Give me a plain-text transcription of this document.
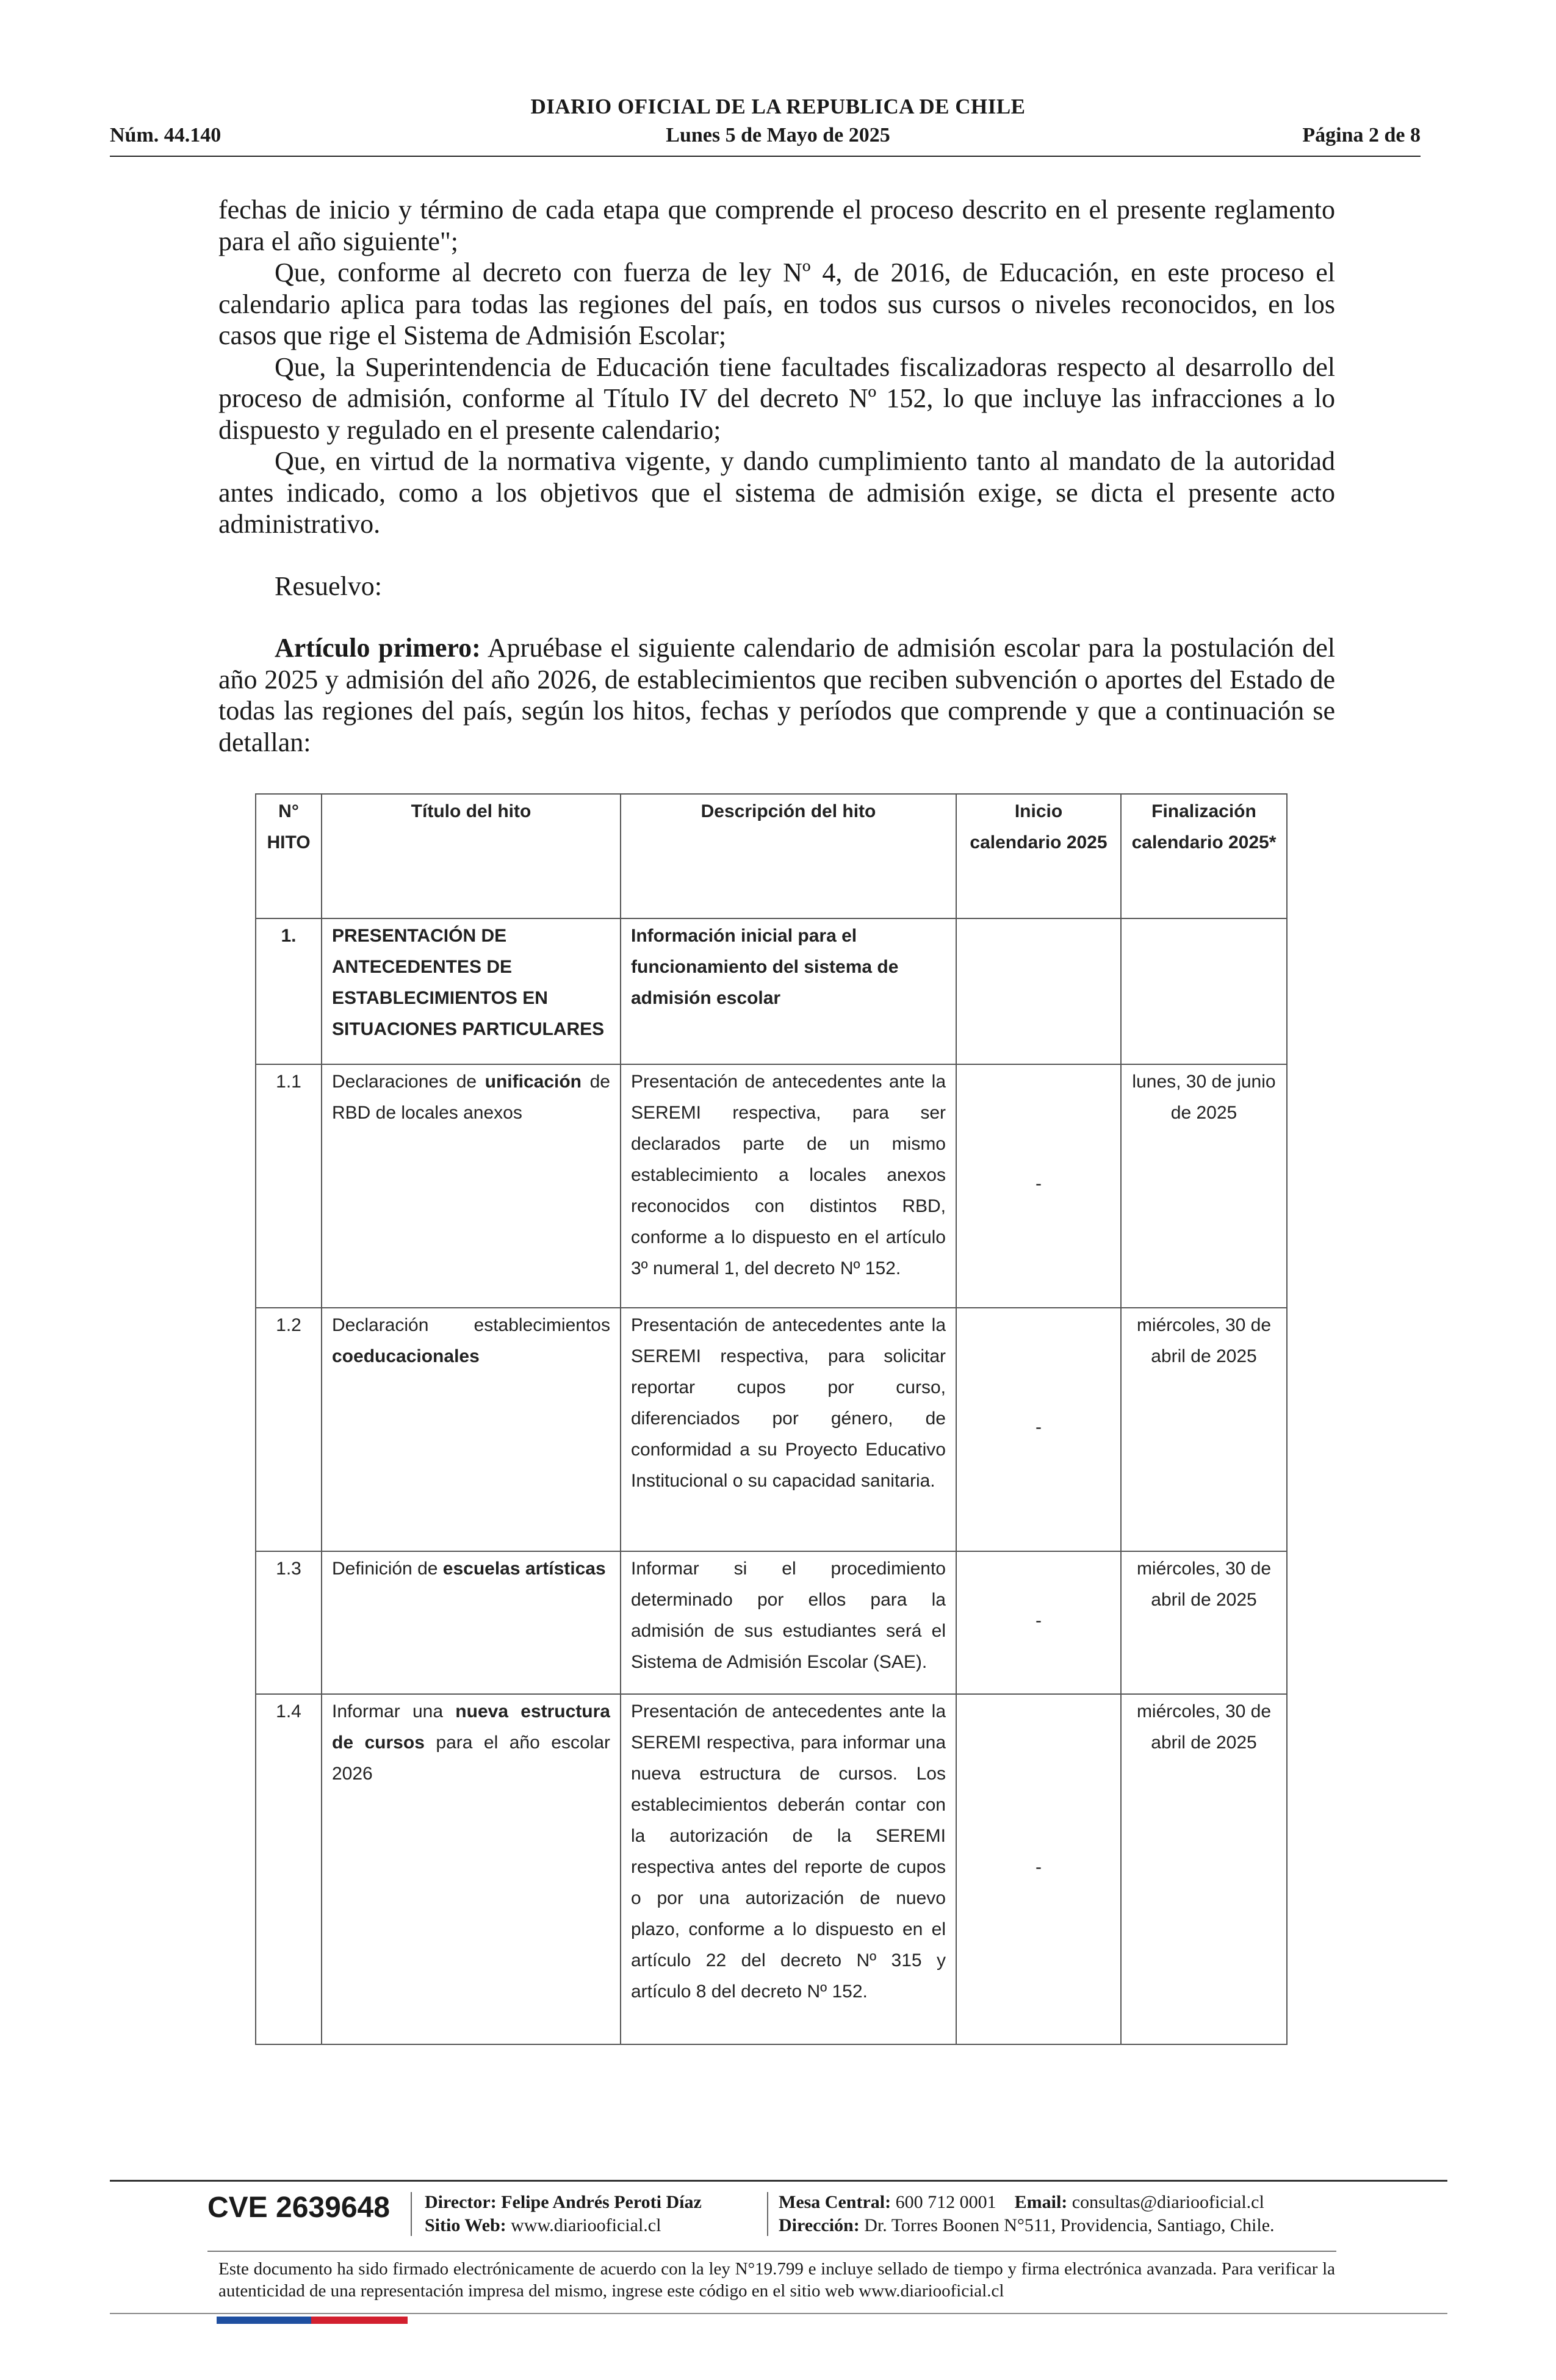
DIARIO OFICIAL DE LA REPUBLICA DE CHILE
Núm. 44.140	Lunes 5 de Mayo de 2025	Página 2 de 8

fechas de inicio y término de cada etapa que comprende el proceso descrito en el presente reglamento para el año siguiente";

Que, conforme al decreto con fuerza de ley Nº 4, de 2016, de Educación, en este proceso el calendario aplica para todas las regiones del país, en todos sus cursos o niveles reconocidos, en los casos que rige el Sistema de Admisión Escolar;

Que, la Superintendencia de Educación tiene facultades fiscalizadoras respecto al desarrollo del proceso de admisión, conforme al Título IV del decreto Nº 152, lo que incluye las infracciones a lo dispuesto y regulado en el presente calendario;

Que, en virtud de la normativa vigente, y dando cumplimiento tanto al mandato de la autoridad antes indicado, como a los objetivos que el sistema de admisión exige, se dicta el presente acto administrativo.

Resuelvo:

Artículo primero: Apruébase el siguiente calendario de admisión escolar para la postulación del año 2025 y admisión del año 2026, de establecimientos que reciben subvención o aportes del Estado de todas las regiones del país, según los hitos, fechas y períodos que comprende y que a continuación se detallan:

N° HITO	Título del hito	Descripción del hito	Inicio calendario 2025	Finalización calendario 2025*
1.	PRESENTACIÓN DE ANTECEDENTES DE ESTABLECIMIENTOS EN SITUACIONES PARTICULARES	Información inicial para el funcionamiento del sistema de admisión escolar		
1.1	Declaraciones de unificación de RBD de locales anexos	Presentación de antecedentes ante la SEREMI respectiva, para ser declarados parte de un mismo establecimiento a locales anexos reconocidos con distintos RBD, conforme a lo dispuesto en el artículo 3º numeral 1, del decreto Nº 152.	-	lunes, 30 de junio de 2025
1.2	Declaración establecimientos coeducacionales	Presentación de antecedentes ante la SEREMI respectiva, para solicitar reportar cupos por curso, diferenciados por género, de conformidad a su Proyecto Educativo Institucional o su capacidad sanitaria.	-	miércoles, 30 de abril de 2025
1.3	Definición de escuelas artísticas	Informar si el procedimiento determinado por ellos para la admisión de sus estudiantes será el Sistema de Admisión Escolar (SAE).	-	miércoles, 30 de abril de 2025
1.4	Informar una nueva estructura de cursos para el año escolar 2026	Presentación de antecedentes ante la SEREMI respectiva, para informar una nueva estructura de cursos. Los establecimientos deberán contar con la autorización de la SEREMI respectiva antes del reporte de cupos o por una autorización de nuevo plazo, conforme a lo dispuesto en el artículo 22 del decreto Nº 315 y artículo 8 del decreto Nº 152.	-	miércoles, 30 de abril de 2025
CVE 2639648 Director: Felipe Andrés Peroti Díaz
Sitio Web: www.diariooficial.cl
Mesa Central: 600 712 0001 Email: consultas@diariooficial.cl
Dirección: Dr. Torres Boonen N°511, Providencia, Santiago, Chile.
Este documento ha sido firmado electrónicamente de acuerdo con la ley N°19.799 e incluye sellado de tiempo y firma electrónica avanzada. Para verificar la autenticidad de una representación impresa del mismo, ingrese este código en el sitio web www.diariooficial.cl
